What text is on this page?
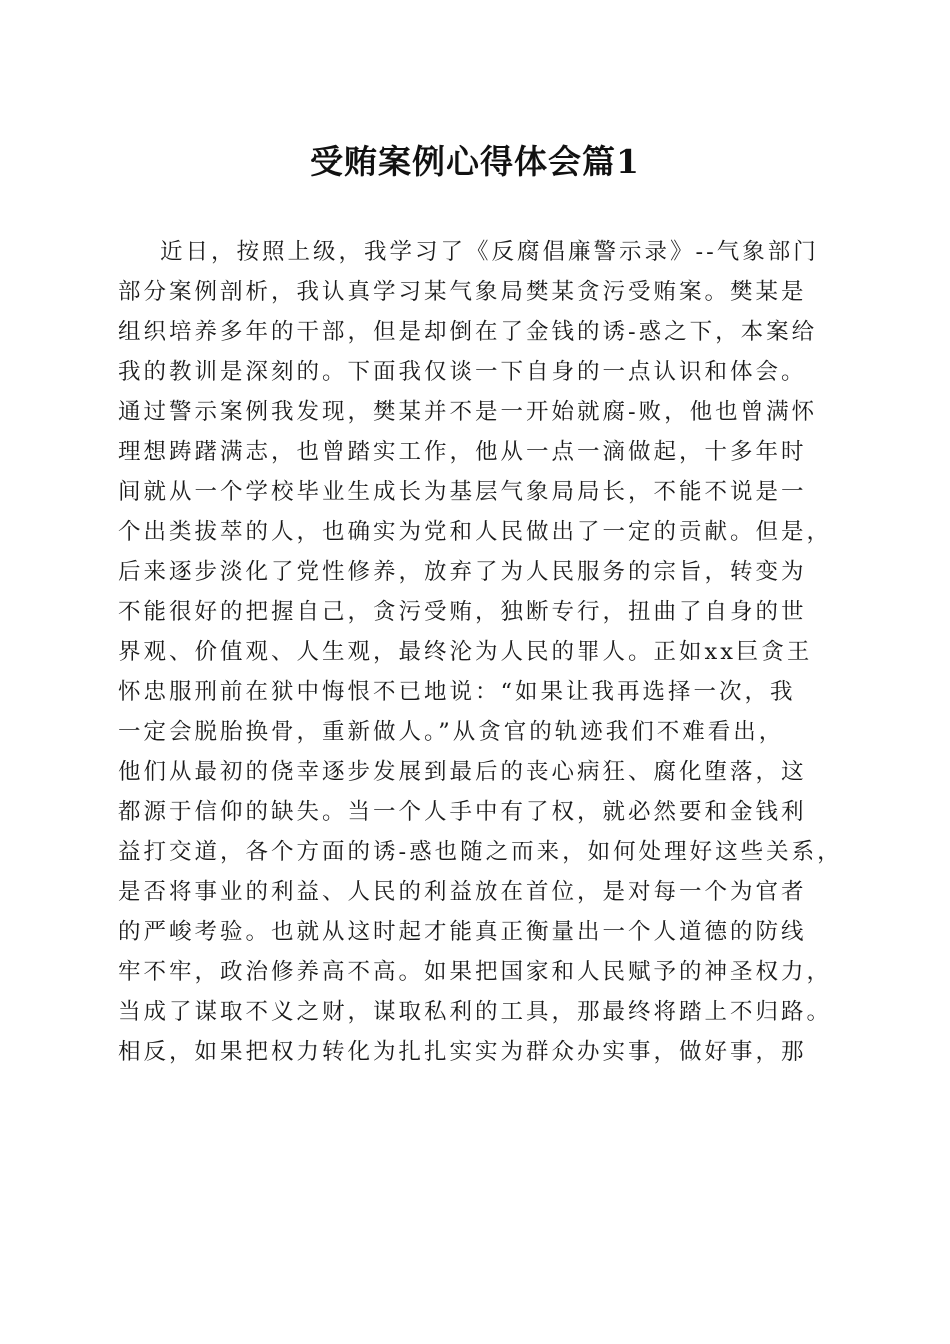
受贿案例心得体会篇1
近日，按照上级，我学习了《反腐倡廉警示录》--气象部门
部分案例剖析，我认真学习某气象局樊某贪污受贿案。樊某是
组织培养多年的干部，但是却倒在了金钱的诱-惑之下，本案给
我的教训是深刻的。下面我仅谈一下自身的一点认识和体会。
通过警示案例我发现，樊某并不是一开始就腐-败，他也曾满怀
理想踌躇满志，也曾踏实工作，他从一点一滴做起，十多年时
间就从一个学校毕业生成长为基层气象局局长，不能不说是一
个出类拔萃的人，也确实为党和人民做出了一定的贡献。但是，
后来逐步淡化了党性修养，放弃了为人民服务的宗旨，转变为
不能很好的把握自己，贪污受贿，独断专行，扭曲了自身的世
界观、价值观、人生观，最终沦为人民的罪人。正如xx巨贪王
怀忠服刑前在狱中悔恨不已地说：“如果让我再选择一次，我
一定会脱胎换骨，重新做人。”从贪官的轨迹我们不难看出，
他们从最初的侥幸逐步发展到最后的丧心病狂、腐化堕落，这
都源于信仰的缺失。当一个人手中有了权，就必然要和金钱利
益打交道，各个方面的诱-惑也随之而来，如何处理好这些关系，
是否将事业的利益、人民的利益放在首位，是对每一个为官者
的严峻考验。也就从这时起才能真正衡量出一个人道德的防线
牢不牢，政治修养高不高。如果把国家和人民赋予的神圣权力，
当成了谋取不义之财，谋取私利的工具，那最终将踏上不归路。
相反，如果把权力转化为扎扎实实为群众办实事，做好事，那
